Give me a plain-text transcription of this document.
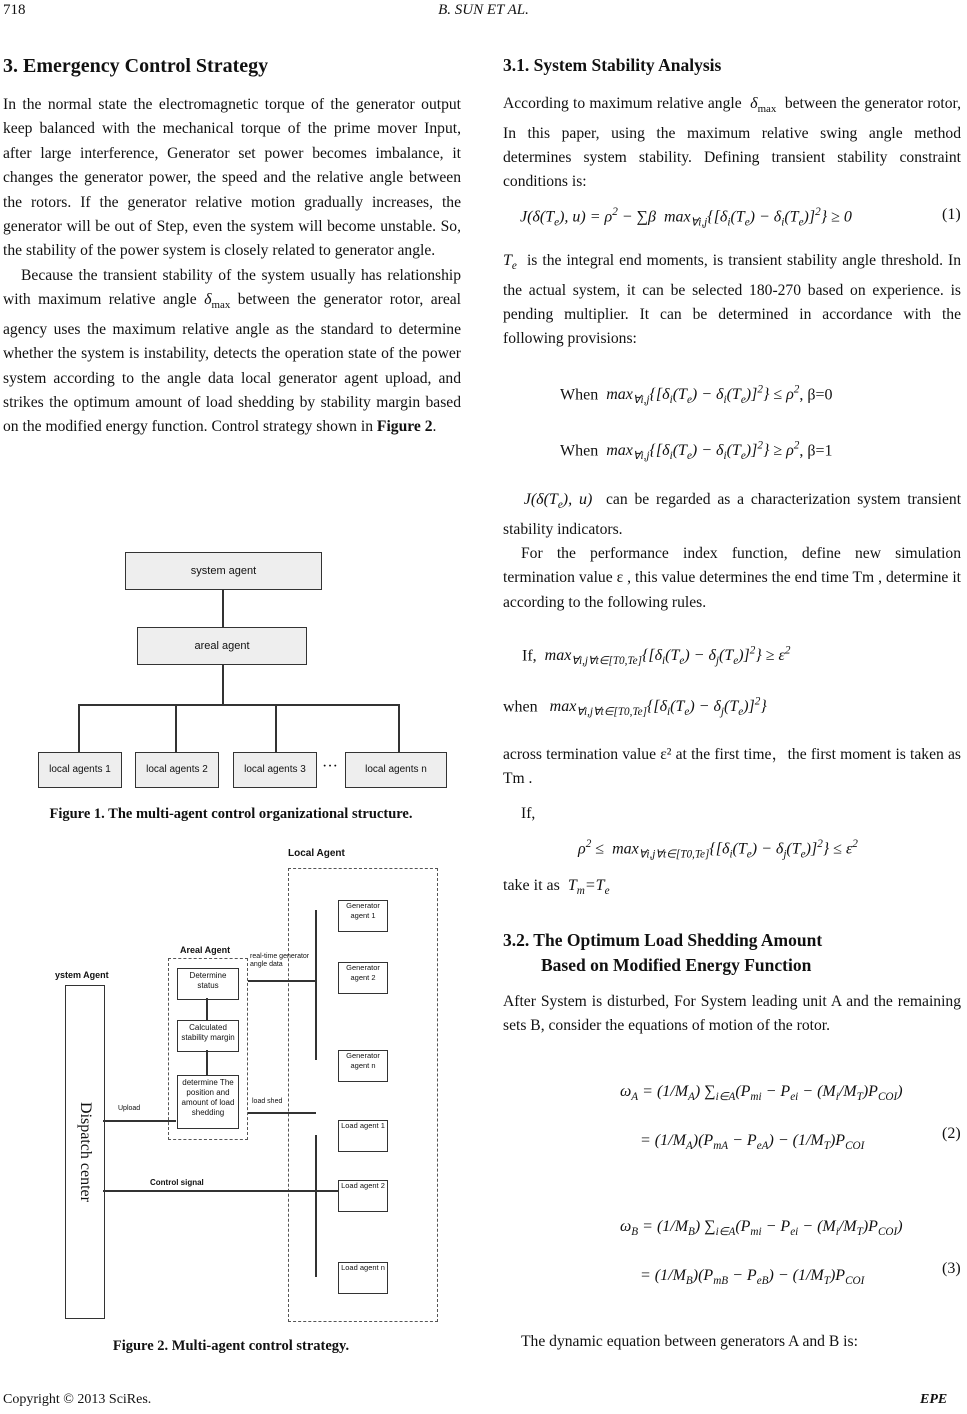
718	B. SUN ET AL.
3. Emergency Control Strategy

In the normal state the electromagnetic torque of the generator output keep balanced with the mechanical torque of the prime mover Input, after large interference, Generator set power becomes imbalance, it changes the generator power, the speed and the relative angle between the rotors. If the generator relative motion gradually increases, the generator will be out of Step, even the system will become unstable. So, the stability of the power system is closely related to generator angle.

Because the transient stability of the system usually has relationship with maximum relative angle $\delta_{max}$ between the generator rotor, areal agency uses the maximum relative angle as the standard to determine whether the system is instability, detects the operation state of the power system according to the angle data local generator agent upload, and strikes the optimum amount of load shedding by stability margin based on the modified energy function. Control strategy shown in Figure 2.

system agent
areal agent
local agents 1	local agents 2	local agents 3	···	local agents n
Figure 1. The multi-agent control organizational structure.
Local Agent
Areal Agent
ystem Agent
Dispatch center
Determine status
Calculated stability margin
determine The position and amount of load shedding
Generator agent 1
Generator agent 2
Generator agent n
Load agent 1
Load agent 2
Load agent n
real-time generator angle data
Upload
load shed
Control signal
Figure 2. Multi-agent control strategy.
3.1. System Stability Analysis

According to maximum relative angle $\delta_{max}$ between the generator rotor, In this paper, using the maximum relative swing angle method determines system stability. Defining transient stability constraint conditions is:

$J(\delta(T_e)$, $u) = \rho^2 - \sum\beta$  $\max_{\forall i,j}\{[\delta_i(T_e) - \delta_i(T_e)]^2\} \ge 0$	(1)

$T_e$ is the integral end moments, is transient stability angle threshold. In the actual system, it can be selected 180-270 based on experience. is pending multiplier. It can be determined in accordance with the following provisions:

When $\max_{\forall i,j}\{[\delta_i(T_e) - \delta_i(T_e)]^2\} \le \rho^2$, β=0
When $\max_{\forall i,j}\{[\delta_i(T_e) - \delta_i(T_e)]^2\} \ge \rho^2$, β=1

$J(\delta(T_e)$, u) can be regarded as a characterization system transient stability indicators.

For the performance index function, define new simulation termination value ε , this value determines the end time Tm , determine it according to the following rules.

If, $\max_{\forall i,j\forall t\in[T0,Te]}\{[\delta_i(T_e) - \delta_j(T_e)]^2\} \ge \varepsilon^2$
when $\max_{\forall i,j\forall t\in[T0,Te]}\{[\delta_i(T_e) - \delta_j(T_e)]^2\}$

across termination value ε² at the first time，the first moment is taken as Tm .

If,

$\rho^2 \le \max_{\forall i,j\forall t\in[T0,Te]}\{[\delta_i(T_e) - \delta_j(T_e)]^2\} \le \varepsilon^2$
take it as $T_m=T_e$
3.2. The Optimum Load Shedding Amount
Based on Modified Energy Function

After System is disturbed, For System leading unit A and the remaining sets B, consider the equations of motion of the rotor.

$\omega_A = (1/M_A) \sum_{i\in A}(P_{mi} - P_{ei} - (M_i/M_T)P_{COI})$
= $(1/M_A)(P_{mA} - P_{eA}) - (1/M_T)P_{COI}$
(2)
$\omega_B = (1/M_B) \sum_{i\in A}(P_{mi} - P_{ei} - (M_i/M_T)P_{COI})$
= $(1/M_B)(P_{mB} - P_{eB}) - (1/M_T)P_{COI}$
(3)

The dynamic equation between generators A and B is:

Copyright © 2013 SciRes.	EPE
